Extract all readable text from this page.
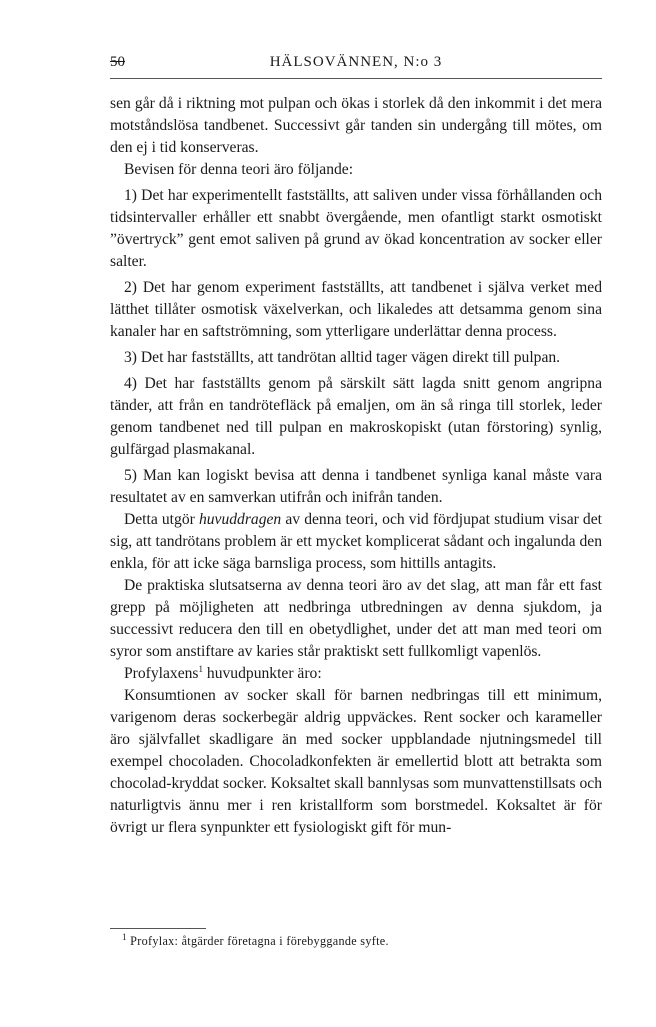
50	HÄLSOVÄNNEN, N:o 3

sen går då i riktning mot pulpan och ökas i storlek då den inkommit i det mera motståndslösa tandbenet. Successivt går tanden sin undergång till mötes, om den ej i tid konserveras.

Bevisen för denna teori äro följande:

1) Det har experimentellt fastställts, att saliven under vissa förhållanden och tidsintervaller erhåller ett snabbt övergående, men ofantligt starkt osmotiskt ”övertryck” gent emot saliven på grund av ökad koncentration av socker eller salter.

2) Det har genom experiment fastställts, att tandbenet i själva verket med lätthet tillåter osmotisk växelverkan, och likaledes att detsamma genom sina kanaler har en saftströmning, som ytterligare underlättar denna process.

3) Det har fastställts, att tandrötan alltid tager vägen direkt till pulpan.

4) Det har fastställts genom på särskilt sätt lagda snitt genom angripna tänder, att från en tandrötefläck på emaljen, om än så ringa till storlek, leder genom tandbenet ned till pulpan en makroskopiskt (utan förstoring) synlig, gulfärgad plasmakanal.

5) Man kan logiskt bevisa att denna i tandbenet synliga kanal måste vara resultatet av en samverkan utifrån och inifrån tanden.

Detta utgör huvuddragen av denna teori, och vid fördjupat studium visar det sig, att tandrötans problem är ett mycket komplicerat sådant och ingalunda den enkla, för att icke säga barnsliga process, som hittills antagits.

De praktiska slutsatserna av denna teori äro av det slag, att man får ett fast grepp på möjligheten att nedbringa utbredningen av denna sjukdom, ja successivt reducera den till en obetydlighet, under det att man med teori om syror som anstiftare av karies står praktiskt sett fullkomligt vapenlös.

Profylaxens$^1$ huvudpunkter äro:

Konsumtionen av socker skall för barnen nedbringas till ett minimum, varigenom deras sockerbegär aldrig uppväckes. Rent socker och karameller äro självfallet skadligare än med socker uppblandade njutningsmedel till exempel chocoladen. Chocoladkonfekten är emellertid blott att betrakta som chocolad-kryddat socker. Koksaltet skall bannlysas som munvattenstillsats och naturligtvis ännu mer i ren kristallform som borstmedel. Koksaltet är för övrigt ur flera synpunkter ett fysiologiskt gift för mun-

$^1$ Profylax: åtgärder företagna i förebyggande syfte.
